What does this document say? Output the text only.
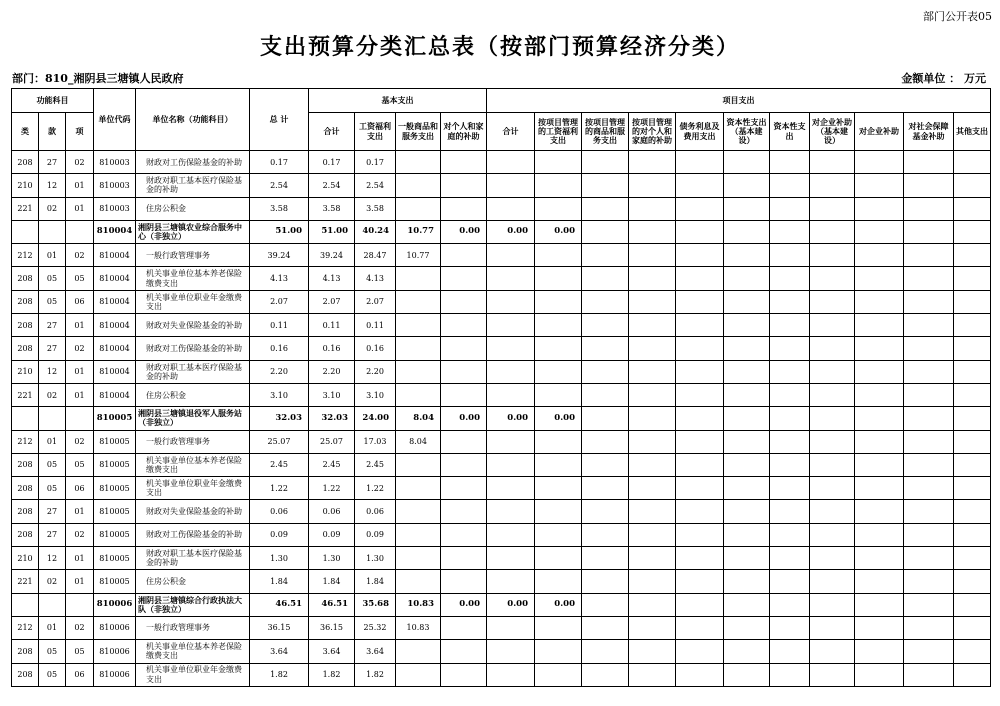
部门公开表05
支出预算分类汇总表（按部门预算经济分类）
部门：810_湘阴县三塘镇人民政府	金额单位 ： 万元
功能科目			单位代码	单位名称（功能科目）	总 计	基本支出				项目支出										
类	款	项				合计	工资福利支出	一般商品和服务支出	对个人和家庭的补助	合计	按项目管理的工资福利支出	按项目管理的商品和服务支出	按项目管理的对个人和家庭的补助	债务利息及费用支出	资本性支出（基本建设）	资本性支出	对企业补助（基本建设）	对企业补助	对社会保障基金补助	其他支出
208	27	02	810003	财政对工伤保险基金的补助	0.17	0.17	0.17													
210	12	01	810003	财政对职工基本医疗保险基金的补助	2.54	2.54	2.54													
221	02	01	810003	住房公积金	3.58	3.58	3.58													
			810004	湘阴县三塘镇农业综合服务中心（非独立）	51.00	51.00	40.24	10.77	0.00	0.00	0.00									
212	01	02	810004	一般行政管理事务	39.24	39.24	28.47	10.77												
208	05	05	810004	机关事业单位基本养老保险缴费支出	4.13	4.13	4.13													
208	05	06	810004	机关事业单位职业年金缴费支出	2.07	2.07	2.07													
208	27	01	810004	财政对失业保险基金的补助	0.11	0.11	0.11													
208	27	02	810004	财政对工伤保险基金的补助	0.16	0.16	0.16													
210	12	01	810004	财政对职工基本医疗保险基金的补助	2.20	2.20	2.20													
221	02	01	810004	住房公积金	3.10	3.10	3.10													
			810005	湘阴县三塘镇退役军人服务站（非独立）	32.03	32.03	24.00	8.04	0.00	0.00	0.00									
212	01	02	810005	一般行政管理事务	25.07	25.07	17.03	8.04												
208	05	05	810005	机关事业单位基本养老保险缴费支出	2.45	2.45	2.45													
208	05	06	810005	机关事业单位职业年金缴费支出	1.22	1.22	1.22													
208	27	01	810005	财政对失业保险基金的补助	0.06	0.06	0.06													
208	27	02	810005	财政对工伤保险基金的补助	0.09	0.09	0.09													
210	12	01	810005	财政对职工基本医疗保险基金的补助	1.30	1.30	1.30													
221	02	01	810005	住房公积金	1.84	1.84	1.84													
			810006	湘阴县三塘镇综合行政执法大队（非独立）	46.51	46.51	35.68	10.83	0.00	0.00	0.00									
212	01	02	810006	一般行政管理事务	36.15	36.15	25.32	10.83												
208	05	05	810006	机关事业单位基本养老保险缴费支出	3.64	3.64	3.64													
208	05	06	810006	机关事业单位职业年金缴费支出	1.82	1.82	1.82													
